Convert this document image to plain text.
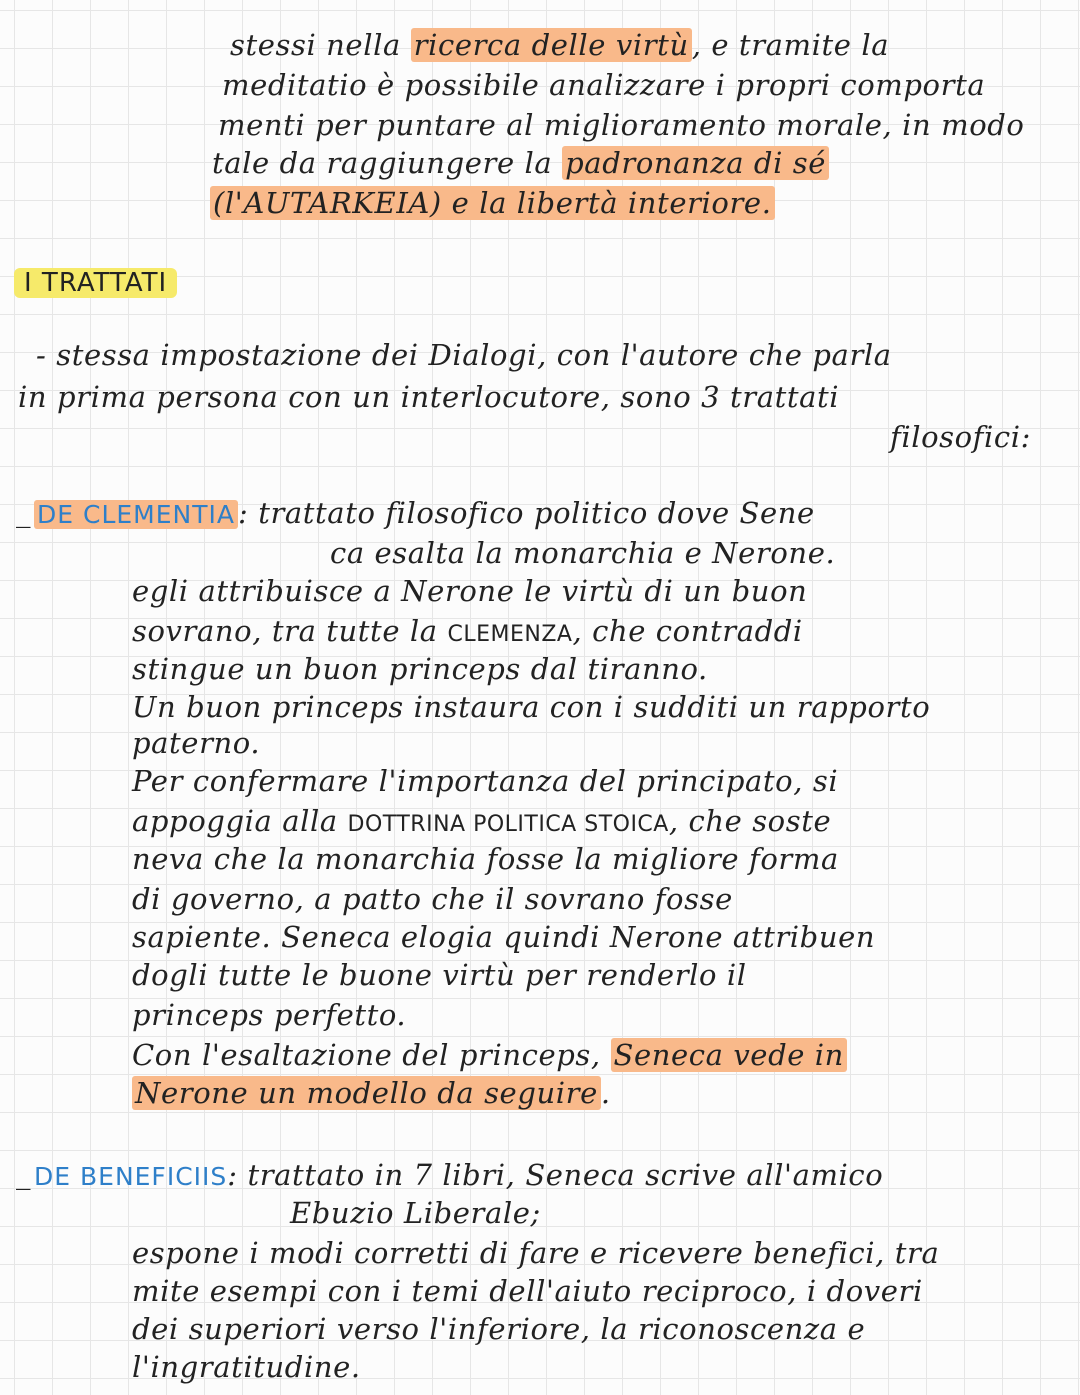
stessi nella ricerca delle virtù , e tramite la
meditatio è possibile analizzare i propri comporta
menti per puntare al miglioramento morale, in modo
tale da raggiungere la padronanza di sé
(l'AUTARKEIA) e la libertà interiore.
I TRATTATI
- stessa impostazione dei Dialogi, con l'autore che parla
in prima persona con un interlocutore, sono 3 trattati
filosofici:
_ DE CLEMENTIA : trattato filosofico politico dove Sene
ca esalta la monarchia e Nerone.
egli attribuisce a Nerone le virtù di un buon
sovrano, tra tutte la CLEMENZA, che contraddi
stingue un buon princeps dal tiranno.
Un buon princeps instaura con i sudditi un rapporto
paterno.
Per confermare l'importanza del principato, si
appoggia alla DOTTRINA POLITICA STOICA, che soste
neva che la monarchia fosse la migliore forma
di governo, a patto che il sovrano fosse
sapiente. Seneca elogia quindi Nerone attribuen
dogli tutte le buone virtù per renderlo il
princeps perfetto.
Con l'esaltazione del princeps, Seneca vede in
Nerone un modello da seguire .
_ DE BENEFICIIS: trattato in 7 libri, Seneca scrive all'amico
Ebuzio Liberale;
espone i modi corretti di fare e ricevere benefici, tra
mite esempi con i temi dell'aiuto reciproco, i doveri
dei superiori verso l'inferiore, la riconoscenza e
l'ingratitudine.
